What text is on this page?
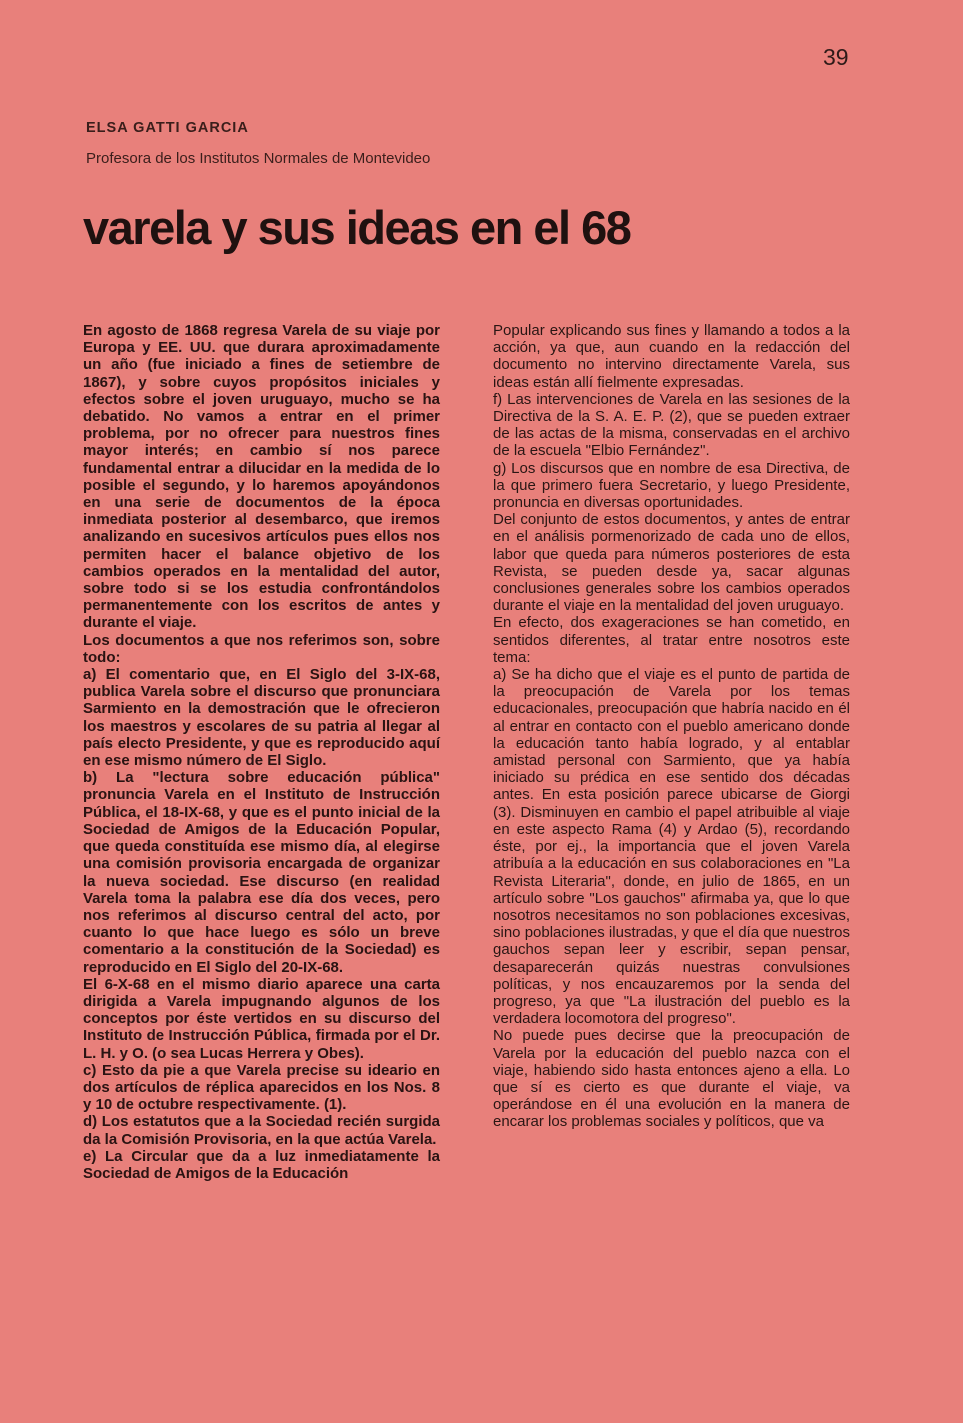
39
ELSA GATTI GARCIA
Profesora de los Institutos Normales de Montevideo
varela y sus ideas en el 68

En agosto de 1868 regresa Varela de su viaje por Europa y EE. UU. que durara aproximadamente un año (fue iniciado a fines de setiembre de 1867), y sobre cuyos propósitos iniciales y efectos sobre el joven uruguayo, mucho se ha debatido. No vamos a entrar en el primer problema, por no ofrecer para nuestros fines mayor interés; en cambio sí nos parece fundamental entrar a dilucidar en la medida de lo posible el segundo, y lo haremos apoyándonos en una serie de documentos de la época inmediata posterior al desembarco, que iremos analizando en sucesivos artículos pues ellos nos permiten hacer el balance objetivo de los cambios operados en la mentalidad del autor, sobre todo si se los estudia confrontándolos permanentemente con los escritos de antes y durante el viaje.

Los documentos a que nos referimos son, sobre todo:

a) El comentario que, en El Siglo del 3-IX-68, publica Varela sobre el discurso que pronunciara Sarmiento en la demostración que le ofrecieron los maestros y escolares de su patria al llegar al país electo Presidente, y que es reproducido aquí en ese mismo número de El Siglo.

b) La "lectura sobre educación pública" pronuncia Varela en el Instituto de Instrucción Pública, el 18-IX-68, y que es el punto inicial de la Sociedad de Amigos de la Educación Popular, que queda constituída ese mismo día, al elegirse una comisión provisoria encargada de organizar la nueva sociedad. Ese discurso (en realidad Varela toma la palabra ese día dos veces, pero nos referimos al discurso central del acto, por cuanto lo que hace luego es sólo un breve comentario a la constitución de la Sociedad) es reproducido en El Siglo del 20-IX-68.

El 6-X-68 en el mismo diario aparece una carta dirigida a Varela impugnando algunos de los conceptos por éste vertidos en su discurso del Instituto de Instrucción Pública, firmada por el Dr. L. H. y O. (o sea Lucas Herrera y Obes).

c) Esto da pie a que Varela precise su ideario en dos artículos de réplica aparecidos en los Nos. 8 y 10 de octubre respectivamente. (1).

d) Los estatutos que a la Sociedad recién surgida da la Comisión Provisoria, en la que actúa Varela.

e) La Circular que da a luz inmediatamente la Sociedad de Amigos de la Educación

Popular explicando sus fines y llamando a todos a la acción, ya que, aun cuando en la redacción del documento no intervino directamente Varela, sus ideas están allí fielmente expresadas.

f) Las intervenciones de Varela en las sesiones de la Directiva de la S. A. E. P. (2), que se pueden extraer de las actas de la misma, conservadas en el archivo de la escuela "Elbio Fernández".

g) Los discursos que en nombre de esa Directiva, de la que primero fuera Secretario, y luego Presidente, pronuncia en diversas oportunidades.

Del conjunto de estos documentos, y antes de entrar en el análisis pormenorizado de cada uno de ellos, labor que queda para números posteriores de esta Revista, se pueden desde ya, sacar algunas conclusiones generales sobre los cambios operados durante el viaje en la mentalidad del joven uruguayo.

En efecto, dos exageraciones se han cometido, en sentidos diferentes, al tratar entre nosotros este tema:

a) Se ha dicho que el viaje es el punto de partida de la preocupación de Varela por los temas educacionales, preocupación que habría nacido en él al entrar en contacto con el pueblo americano donde la educación tanto había logrado, y al entablar amistad personal con Sarmiento, que ya había iniciado su prédica en ese sentido dos décadas antes. En esta posición parece ubicarse de Giorgi (3). Disminuyen en cambio el papel atribuible al viaje en este aspecto Rama (4) y Ardao (5), recordando éste, por ej., la importancia que el joven Varela atribuía a la educación en sus colaboraciones en "La Revista Literaria", donde, en julio de 1865, en un artículo sobre "Los gauchos" afirmaba ya, que lo que nosotros necesitamos no son poblaciones excesivas, sino poblaciones ilustradas, y que el día que nuestros gauchos sepan leer y escribir, sepan pensar, desaparecerán quizás nuestras convulsiones políticas, y nos encauzaremos por la senda del progreso, ya que "La ilustración del pueblo es la verdadera locomotora del progreso".

No puede pues decirse que la preocupación de Varela por la educación del pueblo nazca con el viaje, habiendo sido hasta entonces ajeno a ella. Lo que sí es cierto es que durante el viaje, va operándose en él una evolución en la manera de encarar los problemas sociales y políticos, que va
